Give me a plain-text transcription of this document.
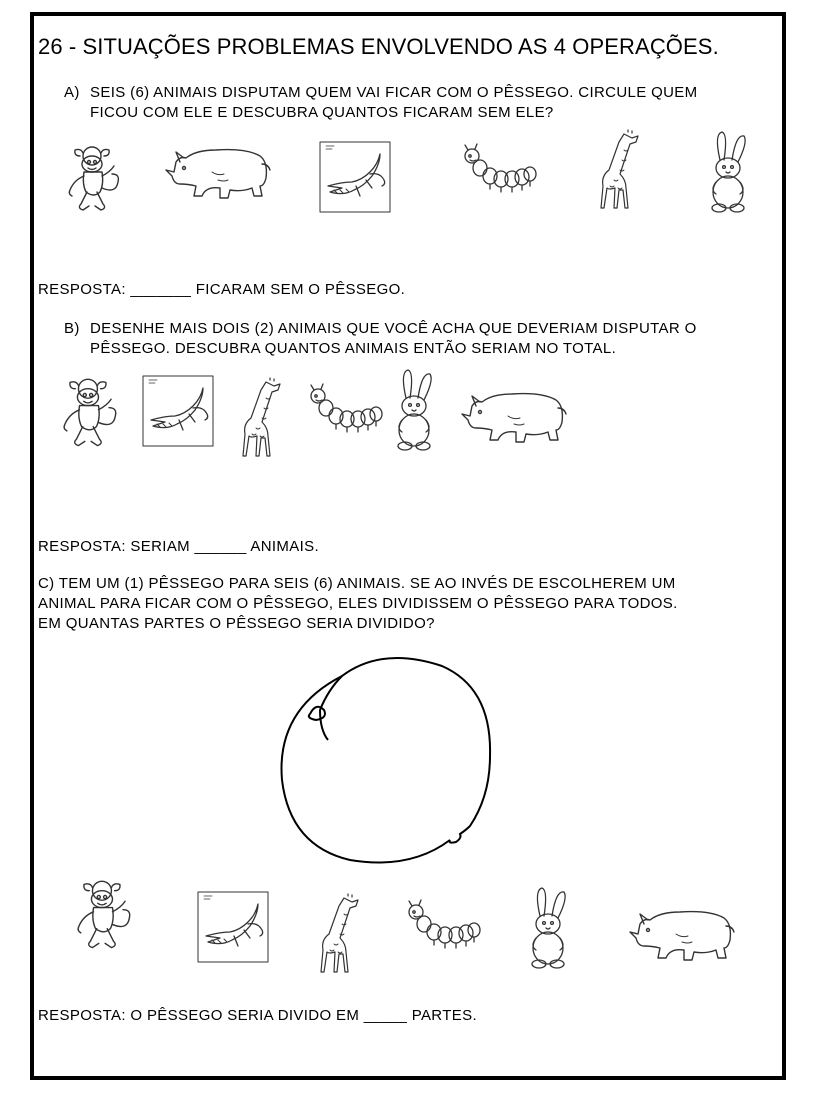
26 - SITUAÇÕES PROBLEMAS ENVOLVENDO AS 4 OPERAÇÕES.
A) SEIS (6) ANIMAIS DISPUTAM QUEM VAI FICAR COM O PÊSSEGO. CIRCULE QUEM
FICOU COM ELE E DESCUBRA QUANTOS FICARAM SEM ELE?
RESPOSTA: _______ FICARAM SEM O PÊSSEGO.
B) DESENHE MAIS DOIS (2) ANIMAIS QUE VOCÊ ACHA QUE DEVERIAM DISPUTAR O
PÊSSEGO. DESCUBRA QUANTOS ANIMAIS ENTÃO SERIAM NO TOTAL.
RESPOSTA: SERIAM ______ ANIMAIS.
C) TEM UM (1) PÊSSEGO PARA SEIS (6) ANIMAIS. SE AO INVÉS DE ESCOLHEREM UM
ANIMAL PARA FICAR COM O PÊSSEGO, ELES DIVIDISSEM O PÊSSEGO PARA TODOS.
EM QUANTAS PARTES O PÊSSEGO SERIA DIVIDIDO?
RESPOSTA: O PÊSSEGO SERIA DIVIDO EM _____ PARTES.
